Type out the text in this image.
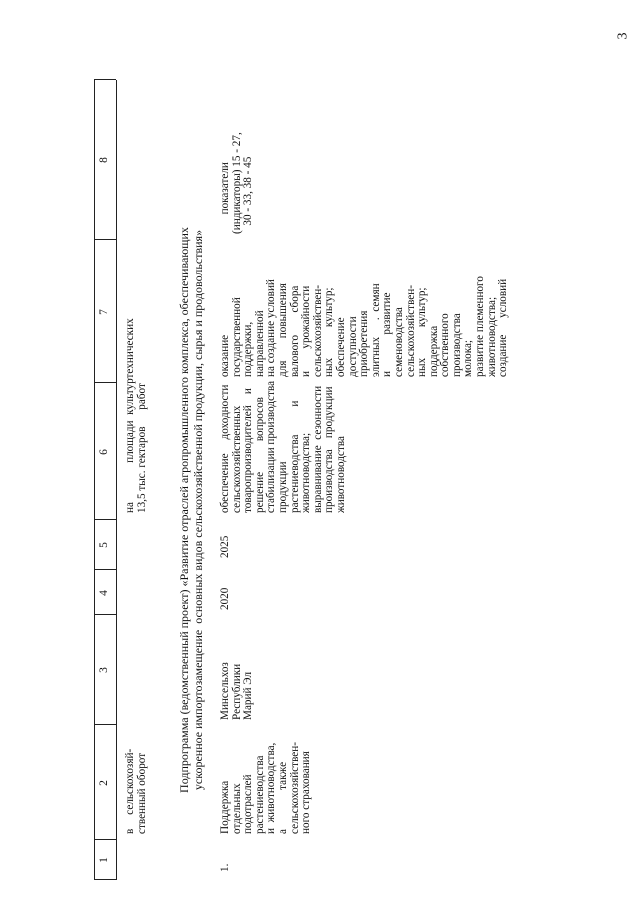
3
1
2
3
4
5
6
7
8
в     сельскохозяй-
ственный оборот
на              площади  культуртехнических
13,5 тыс. гектаров      работ
Подпрограмма (ведомственный проект) «Развитие отраслей агропромышленного комплекса, обеспечивающих
ускоренное импортозамещение  основных видов сельскохозяйственной продукции, сырья и продовольствия»
1.
Поддержка
отдельных
подотраслей
растениеводства
и  животноводства,
а              также
сельскохозяйствен-
ного страхования
Минсельхоз
Республики
Марий Эл
2020
2025
обеспечение     доходности
сельскохозяйственных
товаропроизводителей    и
решение           вопросов
стабилизации производства
продукции
растениеводства          и
животноводства;
выравнивание  сезонности
производства    продукции
животноводства
оказание
государственной
поддержки,
направленной
на создание условий
для        повышения
валового        сбора
и        урожайности
сельскохозяйствен-
ных           культур;
обеспечение
доступности
приобретения
элитных      .  семян
и             развитие
семеноводства
сельскохозяйствен-
ных           культур;
поддержка
собственного
производства
молока;
развитие племенного
животноводства;
создание      условий
показатели
(индикаторы) 15 - 27,
30 - 33, 38 - 45
